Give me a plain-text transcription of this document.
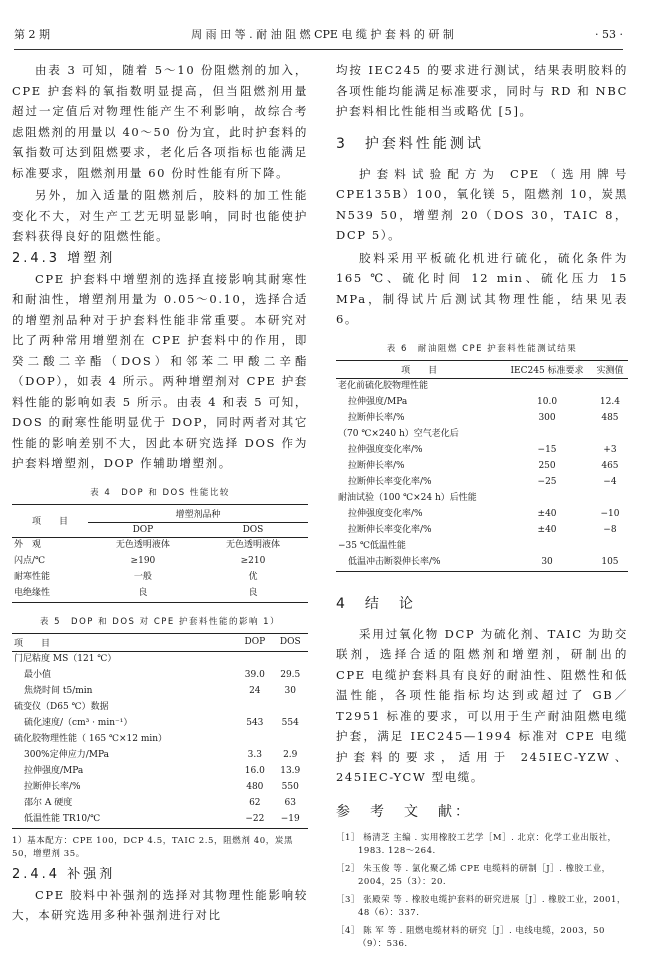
第 2 期	周 雨 田 等 . 耐 油 阻 燃 CPE 电 缆 护 套 料 的 研 制	· 53 ·

由表 3 可知，随着 5～10 份阻燃剂的加入，CPE 护套料的氧指数明显提高，但当阻燃剂用量超过一定值后对物理性能产生不利影响，故综合考虑阻燃剂的用量以 40～50 份为宜，此时护套料的氧指数可达到阻燃要求，老化后各项指标也能满足标准要求，阻燃剂用量 60 份时性能有所下降。

另外，加入适量的阻燃剂后，胶料的加工性能变化不大，对生产工艺无明显影响，同时也能使护套料获得良好的阻燃性能。

2.4.3 增塑剂

CPE 护套料中增塑剂的选择直接影响其耐寒性和耐油性，增塑剂用量为 0.05～0.10，选择合适的增塑剂品种对于护套料性能非常重要。本研究对比了两种常用增塑剂在 CPE 护套料中的作用，即癸二酸二辛酯（DOS）和邻苯二甲酸二辛酯（DOP），如表 4 所示。两种增塑剂对 CPE 护套料性能的影响如表 5 所示。由表 4 和表 5 可知，DOS 的耐寒性能明显优于 DOP，同时两者对其它性能的影响差别不大，因此本研究选择 DOS 作为护套料增塑剂，DOP 作辅助增塑剂。

表 4　DOP 和 DOS 性能比较
项　　目	增塑剂品种	
	DOP	DOS
外　观	无色透明液体	无色透明液体
闪点/℃	≥190	≥210
耐寒性能	一般	优
电绝缘性	良	良
表 5　DOP 和 DOS 对 CPE 护套料性能的影响 1）
项　　目	DOP	DOS
门尼粘度 MS（121 ℃）		
最小值	39.0	29.5
焦烧时间 t5/min	24	30
硫变仪（D65 ℃）数据		
硫化速度/（cm³ · min⁻¹）	543	554
硫化胶物理性能（ 165 ℃×12 min）		
300%定伸应力/MPa	3.3	2.9
拉伸强度/MPa	16.0	13.9
拉断伸长率/%	480	550
邵尔 A 硬度	62	63
低温性能 TR10/℃	−22	−19
1）基本配方：CPE 100，DCP 4.5，TAIC 2.5，阻燃剂 40，炭黑 50，增塑剂 35。
2.4.4 补强剂

CPE 胶料中补强剂的选择对其物理性能影响较大，本研究选用多种补强剂进行对比

均按 IEC245 的要求进行测试，结果表明胶料的各项性能均能满足标准要求，同时与 RD 和 NBC 护套料相比性能相当或略优 [5]。

3　护套料性能测试

护套料试验配方为 CPE（选用牌号 CPE135B）100，氧化镁 5，阻燃剂 10，炭黑 N539 50，增塑剂 20（DOS 30，TAIC 8，DCP 5）。

胶料采用平板硫化机进行硫化，硫化条件为 165 ℃、硫化时间 12 min、硫化压力 15 MPa，制得试片后测试其物理性能，结果见表 6。

表 6　耐油阻燃 CPE 护套料性能测试结果
项　　目	IEC245 标准要求	实测值
老化前硫化胶物理性能		
拉伸强度/MPa	10.0	12.4
拉断伸长率/%	300	485
（70 ℃×240 h）空气老化后		
拉伸强度变化率/%	−15	+3
拉断伸长率/%	250	465
拉断伸长率变化率/%	−25	−4
耐油试验（100 ℃×24 h）后性能		
拉伸强度变化率/%	±40	−10
拉断伸长率变化率/%	±40	−8
−35 ℃低温性能		
低温冲击断裂伸长率/%	30	105
4　结　论

采用过氧化物 DCP 为硫化剂、TAIC 为助交联剂，选择合适的阻燃剂和增塑剂，研制出的 CPE 电缆护套料具有良好的耐油性、阻燃性和低温性能，各项性能指标均达到或超过了 GB／T2951 标准的要求，可以用于生产耐油阻燃电缆护套，满足 IEC245—1994 标准对 CPE 电缆护套料的要求，适用于 245IEC-YZW、245IEC-YCW 型电缆。

参　考　文　献：
［1］ 杨清芝 主编 . 实用橡胶工艺学［M］. 北京：化学工业出版社，1983. 128～264.
［2］ 朱玉俊 等 . 氯化聚乙烯 CPE 电缆料的研制［J］. 橡胶工业，2004，25（3）：20.
［3］ 张殿荣 等 . 橡胶电缆护套料的研究进展［J］. 橡胶工业，2001，48（6）：337.
［4］ 陈 军 等 . 阻燃电缆材料的研究［J］. 电线电缆，2003，50（9）：536.
